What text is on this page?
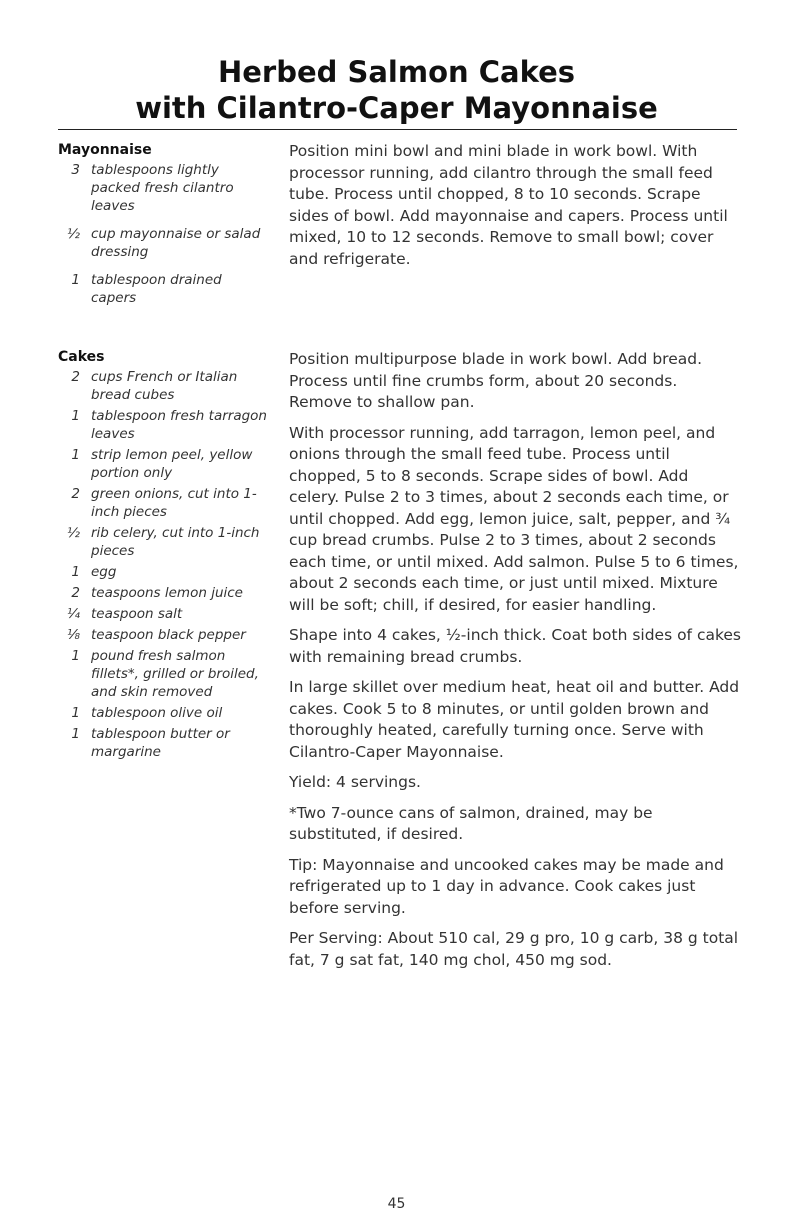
Herbed Salmon Cakes
with Cilantro-Caper Mayonnaise
Mayonnaise
3 tablespoons lightly packed fresh cilantro leaves
½ cup mayonnaise or salad dressing
1 tablespoon drained capers

Position mini bowl and mini blade in work bowl. With processor running, add cilantro through the small feed tube. Process until chopped, 8 to 10 seconds. Scrape sides of bowl. Add mayonnaise and capers. Process until mixed, 10 to 12 seconds. Remove to small bowl; cover and refrigerate.

Cakes
2 cups French or Italian bread cubes
1 tablespoon fresh tarragon leaves
1 strip lemon peel, yellow portion only
2 green onions, cut into 1-inch pieces
½ rib celery, cut into 1-inch pieces
1 egg
2 teaspoons lemon juice
¼ teaspoon salt
⅛ teaspoon black pepper
1 pound fresh salmon fillets*, grilled or broiled, and skin removed
1 tablespoon olive oil
1 tablespoon butter or margarine

Position multipurpose blade in work bowl. Add bread. Process until fine crumbs form, about 20 seconds. Remove to shallow pan.

With processor running, add tarragon, lemon peel, and onions through the small feed tube. Process until chopped, 5 to 8 seconds. Scrape sides of bowl. Add celery. Pulse 2 to 3 times, about 2 seconds each time, or until chopped. Add egg, lemon juice, salt, pepper, and ¾ cup bread crumbs. Pulse 2 to 3 times, about 2 seconds each time, or until mixed. Add salmon. Pulse 5 to 6 times, about 2 seconds each time, or just until mixed. Mixture will be soft; chill, if desired, for easier handling.

Shape into 4 cakes, ½-inch thick. Coat both sides of cakes with remaining bread crumbs.

In large skillet over medium heat, heat oil and butter. Add cakes. Cook 5 to 8 minutes, or until golden brown and thoroughly heated, carefully turning once. Serve with Cilantro-Caper Mayonnaise.

Yield: 4 servings.

*Two 7-ounce cans of salmon, drained, may be substituted, if desired.

Tip: Mayonnaise and uncooked cakes may be made and refrigerated up to 1 day in advance. Cook cakes just before serving.

Per Serving: About 510 cal, 29 g pro, 10 g carb, 38 g total fat, 7 g sat fat, 140 mg chol, 450 mg sod.

45
